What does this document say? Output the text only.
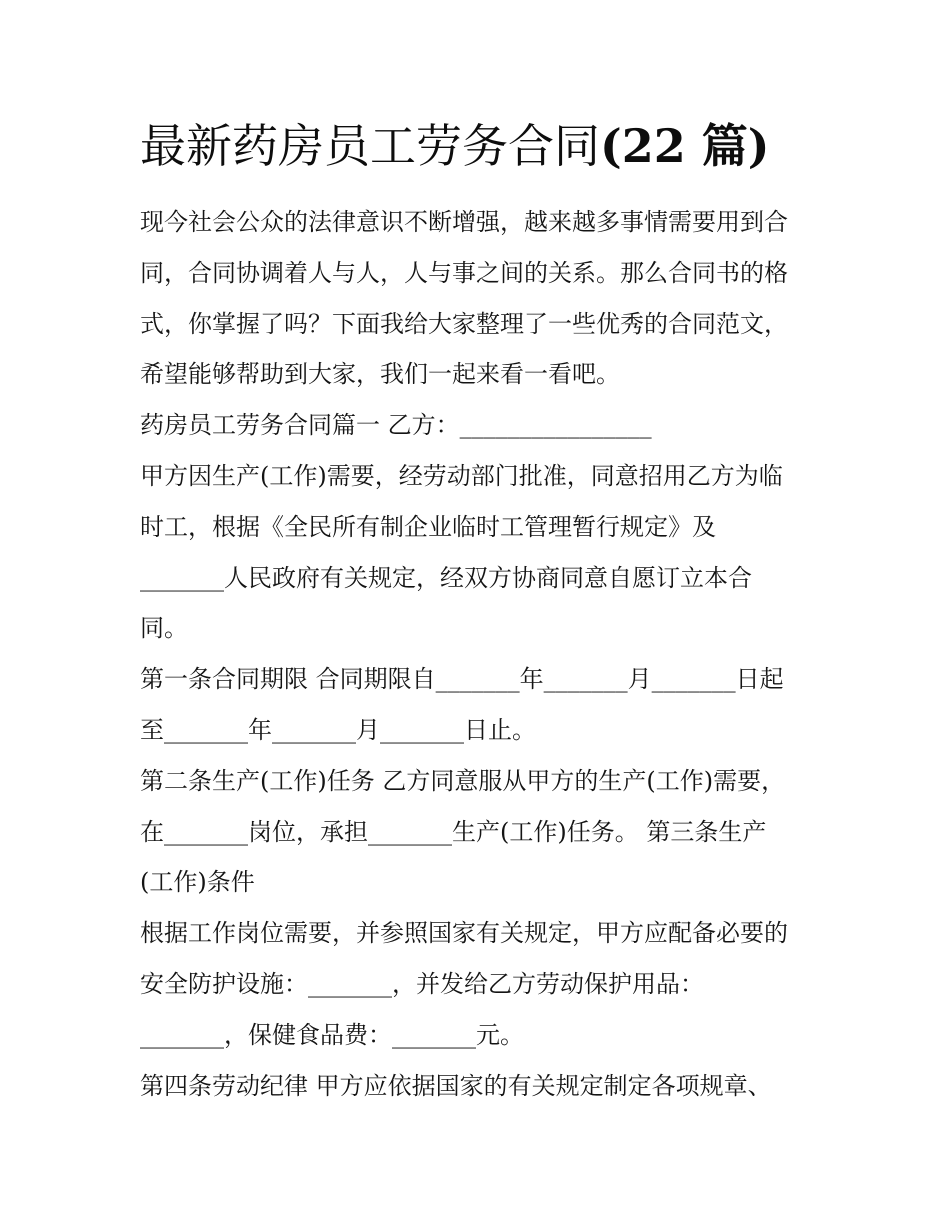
最新药房员工劳务合同(22 篇)
现今社会公众的法律意识不断增强，越来越多事情需要用到合
同，合同协调着人与人，人与事之间的关系。那么合同书的格
式，你掌握了吗？下面我给大家整理了一些优秀的合同范文，
希望能够帮助到大家，我们一起来看一看吧。
药房员工劳务合同篇一 乙方：________________
甲方因生产(工作)需要，经劳动部门批准，同意招用乙方为临
时工，根据《全民所有制企业临时工管理暂行规定》及
_______人民政府有关规定，经双方协商同意自愿订立本合
同。
第一条合同期限 合同期限自_______年_______月_______日起
至_______年_______月_______日止。
第二条生产(工作)任务 乙方同意服从甲方的生产(工作)需要，
在_______岗位，承担_______生产(工作)任务。 第三条生产
(工作)条件
根据工作岗位需要，并参照国家有关规定，甲方应配备必要的
安全防护设施：_______，并发给乙方劳动保护用品：
_______，保健食品费：_______元。
第四条劳动纪律 甲方应依据国家的有关规定制定各项规章、
